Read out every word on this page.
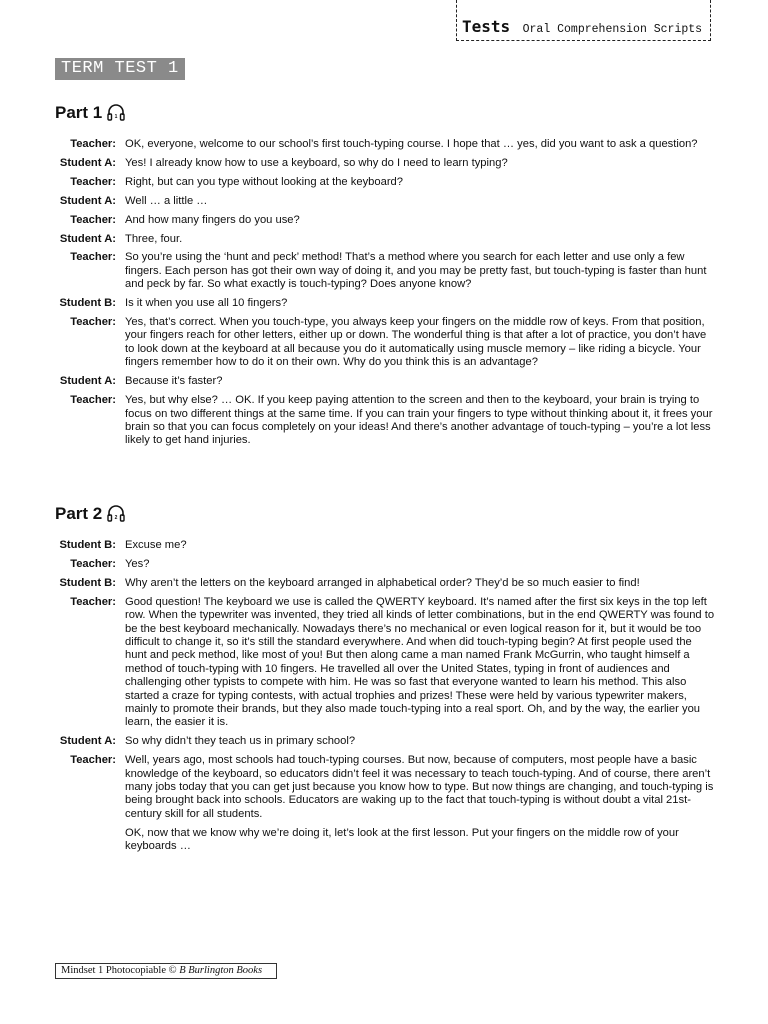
Tests Oral Comprehension Scripts
TERM TEST 1
Part 1	1
Teacher: OK, everyone, welcome to our school’s first touch-typing course. I hope that … yes, did you want to ask a question?
Student A: Yes! I already know how to use a keyboard, so why do I need to learn typing?
Teacher: Right, but can you type without looking at the keyboard?
Student A: Well … a little …
Teacher: And how many fingers do you use?
Student A: Three, four.
Teacher: So you’re using the ‘hunt and peck’ method! That’s a method where you search for each letter and use only a few fingers. Each person has got their own way of doing it, and you may be pretty fast, but touch-typing is faster than hunt and peck by far. So what exactly is touch-typing? Does anyone know?
Student B: Is it when you use all 10 fingers?
Teacher: Yes, that’s correct. When you touch-type, you always keep your fingers on the middle row of keys. From that position, your fingers reach for other letters, either up or down. The wonderful thing is that after a lot of practice, you don’t have to look down at the keyboard at all because you do it automatically using muscle memory – like riding a bicycle. Your fingers remember how to do it on their own. Why do you think this is an advantage?
Student A: Because it’s faster?
Teacher: Yes, but why else? … OK. If you keep paying attention to the screen and then to the keyboard, your brain is trying to focus on two different things at the same time. If you can train your fingers to type without thinking about it, it frees your brain so that you can focus completely on your ideas! And there’s another advantage of touch-typing – you’re a lot less likely to get hand injuries.
Part 2	2
Student B: Excuse me?
Teacher: Yes?
Student B: Why aren’t the letters on the keyboard arranged in alphabetical order? They’d be so much easier to find!
Teacher: Good question! The keyboard we use is called the QWERTY keyboard. It’s named after the first six keys in the top left row. When the typewriter was invented, they tried all kinds of letter combinations, but in the end QWERTY was found to be the best keyboard mechanically. Nowadays there’s no mechanical or even logical reason for it, but it would be too difficult to change it, so it’s still the standard everywhere. And when did touch-typing begin? At first people used the hunt and peck method, like most of you! But then along came a man named Frank McGurrin, who taught himself a method of touch-typing with 10 fingers. He travelled all over the United States, typing in front of audiences and challenging other typists to compete with him. He was so fast that everyone wanted to learn his method. This also started a craze for typing contests, with actual trophies and prizes! These were held by various typewriter makers, mainly to promote their brands, but they also made touch-typing into a real sport. Oh, and by the way, the earlier you learn, the easier it is.
Student A: So why didn’t they teach us in primary school?
Teacher: Well, years ago, most schools had touch-typing courses. But now, because of computers, most people have a basic knowledge of the keyboard, so educators didn’t feel it was necessary to teach touch-typing. And of course, there aren’t many jobs today that you can get just because you know how to type. But now things are changing, and touch-typing is being brought back into schools. Educators are waking up to the fact that touch-typing is without doubt a vital 21st-century skill for all students.
OK, now that we know why we’re doing it, let’s look at the first lesson. Put your fingers on the middle row of your keyboards …
Mindset 1 Photocopiable © B Burlington Books
